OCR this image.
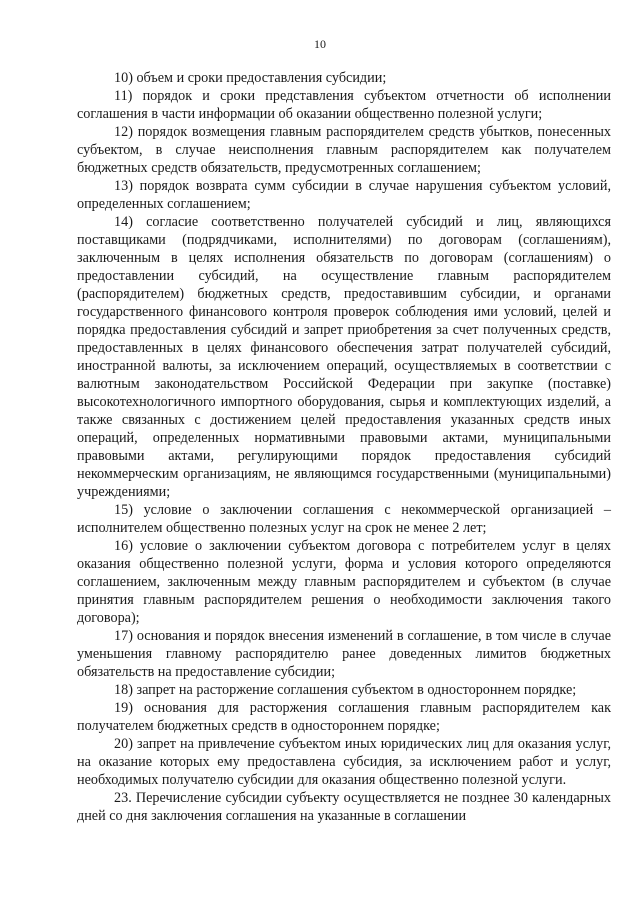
10

10) объем и сроки предоставления субсидии;

11) порядок и сроки представления субъектом отчетности об исполнении соглашения в части информации об оказании общественно полезной услуги;

12) порядок возмещения главным распорядителем средств убытков, понесенных субъектом, в случае неисполнения главным распорядителем как получателем бюджетных средств обязательств, предусмотренных соглашением;

13) порядок возврата сумм субсидии в случае нарушения субъектом условий, определенных соглашением;

14) согласие соответственно получателей субсидий и лиц, являющихся поставщиками (подрядчиками, исполнителями) по договорам (соглашениям), заключенным в целях исполнения обязательств по договорам (соглашениям) о предоставлении субсидий, на осуществление главным распорядителем (распорядителем) бюджетных средств, предоставившим субсидии, и органами государственного финансового контроля проверок соблюдения ими условий, целей и порядка предоставления субсидий и запрет приобретения за счет полученных средств, предоставленных в целях финансового обеспечения затрат получателей субсидий, иностранной валюты, за исключением операций, осуществляемых в соответствии с валютным законодательством Российской Федерации при закупке (поставке) высокотехнологичного импортного оборудования, сырья и комплектующих изделий, а также связанных с достижением целей предоставления указанных средств иных операций, определенных нормативными правовыми актами, муниципальными правовыми актами, регулирующими порядок предоставления субсидий некоммерческим организациям, не являющимся государственными (муниципальными) учреждениями;

15) условие о заключении соглашения с некоммерческой организацией – исполнителем общественно полезных услуг на срок не менее 2 лет;

16) условие о заключении субъектом договора с потребителем услуг в целях оказания общественно полезной услуги, форма и условия которого определяются соглашением, заключенным между главным распорядителем и субъектом (в случае принятия главным распорядителем решения о необходимости заключения такого договора);

17) основания и порядок внесения изменений в соглашение, в том числе в случае уменьшения главному распорядителю ранее доведенных лимитов бюджетных обязательств на предоставление субсидии;

18) запрет на расторжение соглашения субъектом в одностороннем порядке;

19) основания для расторжения соглашения главным распорядителем как получателем бюджетных средств в одностороннем порядке;

20) запрет на привлечение субъектом иных юридических лиц для оказания услуг, на оказание которых ему предоставлена субсидия, за исключением работ и услуг, необходимых получателю субсидии для оказания общественно полезной услуги.

23. Перечисление субсидии субъекту осуществляется не позднее 30 календарных дней со дня заключения соглашения на указанные в соглашении
